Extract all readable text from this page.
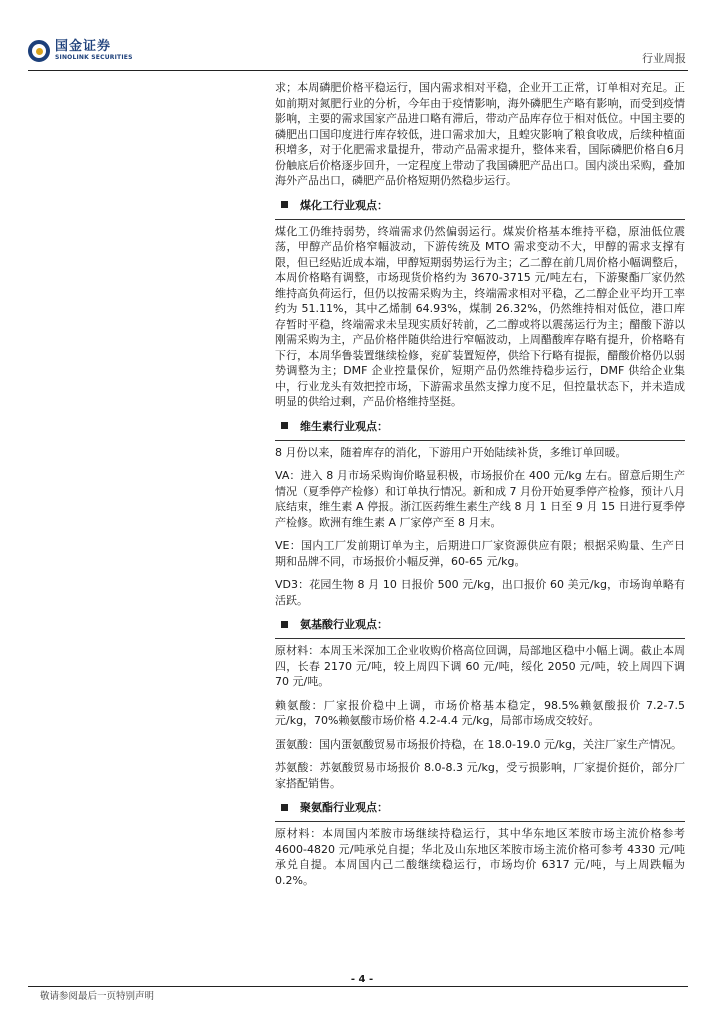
国金证券
SINOLINK SECURITIES	行业周报

求；本周磷肥价格平稳运行，国内需求相对平稳，企业开工正常，订单相对充足。正如前期对氮肥行业的分析，今年由于疫情影响，海外磷肥生产略有影响，而受到疫情影响，主要的需求国家产品进口略有滞后，带动产品库存位于相对低位。中国主要的磷肥出口国印度进行库存较低，进口需求加大，且蝗灾影响了粮食收成，后续种植面积增多，对于化肥需求量提升，带动产品需求提升，整体来看，国际磷肥价格自6月份触底后价格逐步回升，一定程度上带动了我国磷肥产品出口。国内淡出采购，叠加海外产品出口，磷肥产品价格短期仍然稳步运行。

煤化工行业观点：

煤化工仍维持弱势，终端需求仍然偏弱运行。煤炭价格基本维持平稳，原油低位震荡，甲醇产品价格窄幅波动，下游传统及 MTO 需求变动不大，甲醇的需求支撑有限，但已经贴近成本端，甲醇短期弱势运行为主；乙二醇在前几周价格小幅调整后，本周价格略有调整，市场现货价格约为 3670-3715 元/吨左右，下游聚酯厂家仍然维持高负荷运行，但仍以按需采购为主，终端需求相对平稳，乙二醇企业平均开工率约为 51.11%，其中乙烯制 64.93%，煤制 26.32%，仍然维持相对低位，港口库存暂时平稳，终端需求未呈现实质好转前，乙二醇或将以震荡运行为主；醋酸下游以刚需采购为主，产品价格伴随供给进行窄幅波动，上周醋酸库存略有提升，价格略有下行，本周华鲁装置继续检修，兖矿装置短停，供给下行略有提振，醋酸价格仍以弱势调整为主；DMF 企业控量保价，短期产品仍然维持稳步运行，DMF 供给企业集中，行业龙头有效把控市场，下游需求虽然支撑力度不足，但控量状态下，并未造成明显的供给过剩，产品价格维持坚挺。

维生素行业观点：

8 月份以来，随着库存的消化，下游用户开始陆续补货，多维订单回暖。

VA：进入 8 月市场采购询价略显积极，市场报价在 400 元/kg 左右。留意后期生产情况（夏季停产检修）和订单执行情况。新和成 7 月份开始夏季停产检修，预计八月底结束，维生素 A 停报。浙江医药维生素生产线 8 月 1 日至 9 月 15 日进行夏季停产检修。欧洲有维生素 A 厂家停产至 8 月末。

VE：国内工厂发前期订单为主，后期进口厂家资源供应有限；根据采购量、生产日期和品牌不同，市场报价小幅反弹，60-65 元/kg。

VD3：花园生物 8 月 10 日报价 500 元/kg，出口报价 60 美元/kg，市场询单略有活跃。

氨基酸行业观点：

原材料：本周玉米深加工企业收购价格高位回调，局部地区稳中小幅上调。截止本周四，长春 2170 元/吨，较上周四下调 60 元/吨，绥化 2050 元/吨，较上周四下调 70 元/吨。

赖氨酸：厂家报价稳中上调，市场价格基本稳定，98.5%赖氨酸报价 7.2-7.5 元/kg，70%赖氨酸市场价格 4.2-4.4 元/kg，局部市场成交较好。

蛋氨酸：国内蛋氨酸贸易市场报价持稳，在 18.0-19.0 元/kg，关注厂家生产情况。

苏氨酸：苏氨酸贸易市场报价 8.0-8.3 元/kg，受亏损影响，厂家提价挺价，部分厂家搭配销售。

聚氨酯行业观点：

原材料：本周国内苯胺市场继续持稳运行，其中华东地区苯胺市场主流价格参考 4600-4820 元/吨承兑自提；华北及山东地区苯胺市场主流价格可参考 4330 元/吨承兑自提。本周国内己二酸继续稳运行，市场均价 6317 元/吨，与上周跌幅为 0.2%。

- 4 -
敬请参阅最后一页特别声明
